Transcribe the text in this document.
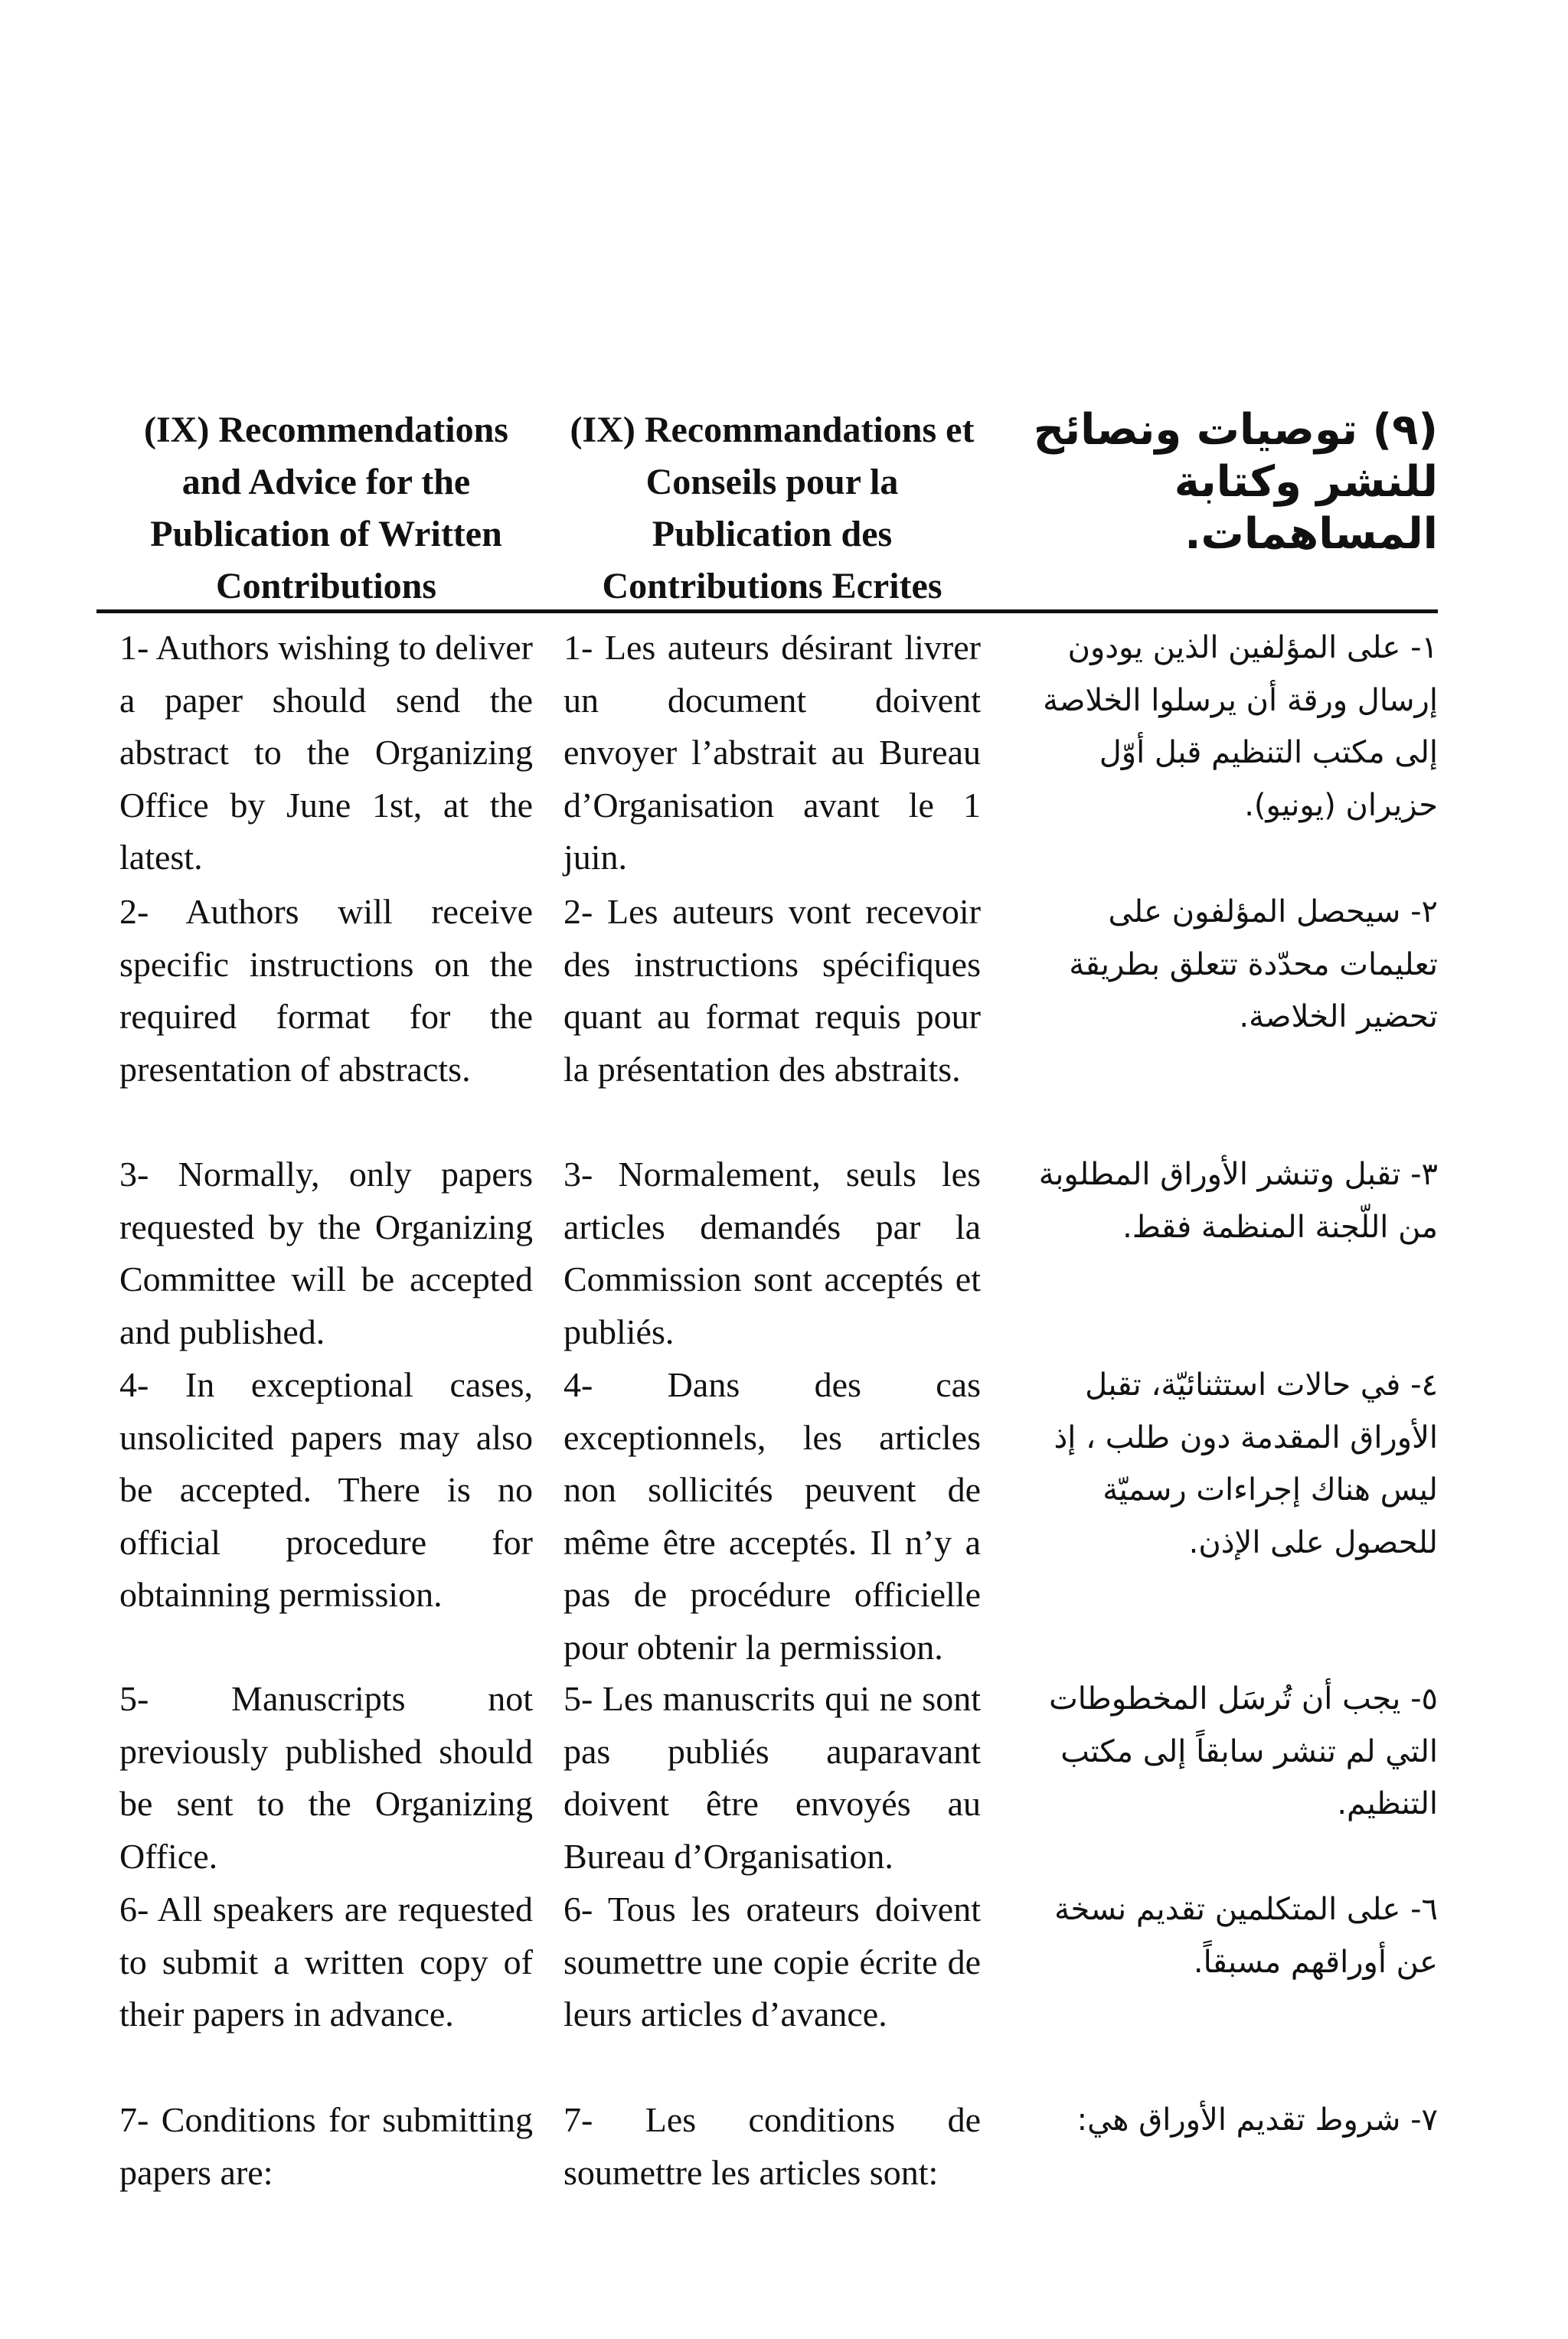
(IX) Recommendations and Advice for the Publication of Written Contributions
(IX) Recommandations et Conseils pour la Publication des Contributions Ecrites
(٩) توصيات ونصائح للنشر وكتابة المساهمات.
1- Authors wishing to deliver a paper should send the abstract to the Organizing Office by June 1st, at the latest.
2- Authors will receive specific instructions on the required format for the presentation of abstracts.
3- Normally, only papers requested by the Organizing Committee will be accepted and published.
4- In exceptional cases, unsolicited papers may also be accepted. There is no official procedure for obtainning permission.
5- Manuscripts not previously published should be sent to the Organizing Office.
6- All speakers are requested to submit a written copy of their papers in advance.
7- Conditions for submitting papers are:
1- Les auteurs désirant livrer un document doivent envoyer l’abstrait au Bureau d’Organisation avant le 1 juin.
2- Les auteurs vont recevoir des instructions spécifiques quant au format requis pour la présentation des abstraits.
3- Normalement, seuls les articles demandés par la Commission sont acceptés et publiés.
4- Dans des cas exceptionnels, les articles non sollicités peuvent de même être acceptés. Il n’y a pas de procédure officielle pour obtenir la permission.
5- Les manuscrits qui ne sont pas publiés auparavant doivent être envoyés au Bureau d’Organisation.
6- Tous les orateurs doivent soumettre une copie écrite de leurs articles d’avance.
7- Les conditions de soumettre les articles sont:
١- على المؤلفين الذين يودون إرسال ورقة أن يرسلوا الخلاصة إلى مكتب التنظيم قبل أوّل حزيران (يونيو).
٢- سيحصل المؤلفون على تعليمات محدّدة تتعلق بطريقة تحضير الخلاصة.
٣- تقبل وتنشر الأوراق المطلوبة من اللّجنة المنظمة فقط.
٤- في حالات استثنائيّة، تقبل الأوراق المقدمة دون طلب ، إذ ليس هناك إجراءات رسميّة للحصول على الإذن.
٥- يجب أن تُرسَل المخطوطات التي لم تنشر سابقاً إلى مكتب التنظيم.
٦- على المتكلمين تقديم نسخة عن أوراقهم مسبقاً.
٧- شروط تقديم الأوراق هي:
